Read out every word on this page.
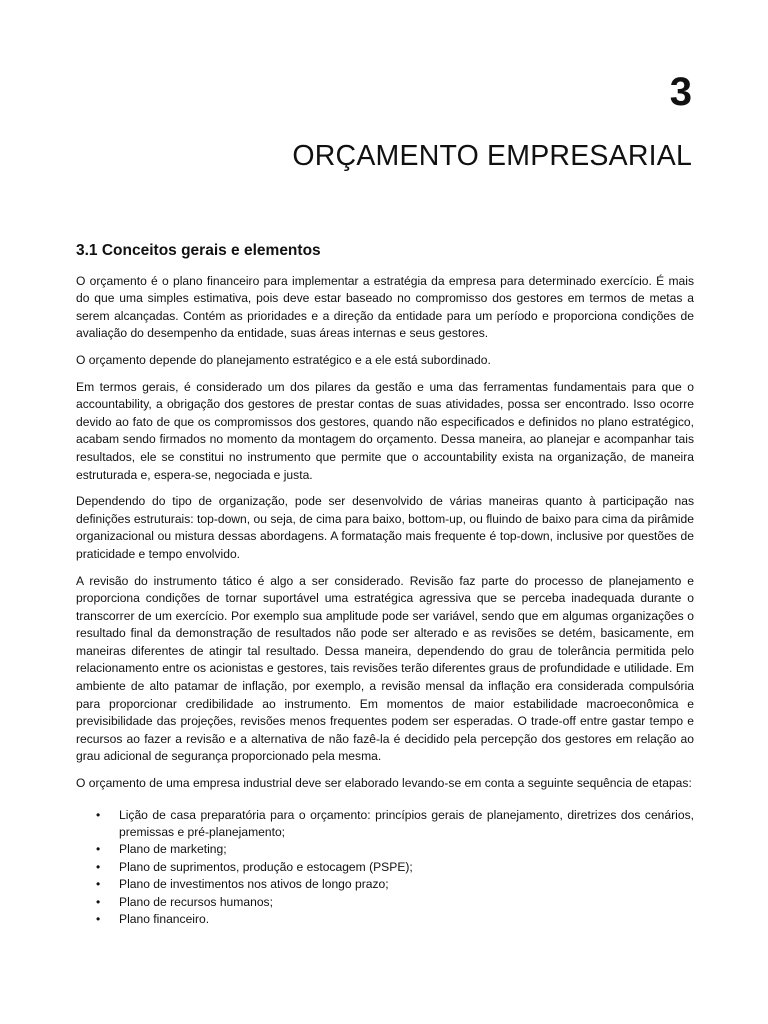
3
ORÇAMENTO EMPRESARIAL
3.1 Conceitos gerais e elementos

O orçamento é o plano financeiro para implementar a estratégia da empresa para determinado exercício. É mais do que uma simples estimativa, pois deve estar baseado no compromisso dos gestores em termos de metas a serem alcançadas. Contém as prioridades e a direção da entidade para um período e proporciona condições de avaliação do desempenho da entidade, suas áreas internas e seus gestores.

O orçamento depende do planejamento estratégico e a ele está subordinado.

Em termos gerais, é considerado um dos pilares da gestão e uma das ferramentas fundamentais para que o accountability, a obrigação dos gestores de prestar contas de suas atividades, possa ser encontrado. Isso ocorre devido ao fato de que os compromissos dos gestores, quando não especificados e definidos no plano estratégico, acabam sendo firmados no momento da montagem do orçamento. Dessa maneira, ao planejar e acompanhar tais resultados, ele se constitui no instrumento que permite que o accountability exista na organização, de maneira estruturada e, espera-se, negociada e justa.

Dependendo do tipo de organização, pode ser desenvolvido de várias maneiras quanto à participação nas definições estruturais: top-down, ou seja, de cima para baixo, bottom-up, ou fluindo de baixo para cima da pirâmide organizacional ou mistura dessas abordagens. A formatação mais frequente é top-down, inclusive por questões de praticidade e tempo envolvido.

A revisão do instrumento tático é algo a ser considerado. Revisão faz parte do processo de planejamento e proporciona condições de tornar suportável uma estratégica agressiva que se perceba inadequada durante o transcorrer de um exercício. Por exemplo sua amplitude pode ser variável, sendo que em algumas organizações o resultado final da demonstração de resultados não pode ser alterado e as revisões se detém, basicamente, em maneiras diferentes de atingir tal resultado. Dessa maneira, dependendo do grau de tolerância permitida pelo relacionamento entre os acionistas e gestores, tais revisões terão diferentes graus de profundidade e utilidade. Em ambiente de alto patamar de inflação, por exemplo, a revisão mensal da inflação era considerada compulsória para proporcionar credibilidade ao instrumento. Em momentos de maior estabilidade macroeconômica e previsibilidade das projeções, revisões menos frequentes podem ser esperadas. O trade-off entre gastar tempo e recursos ao fazer a revisão e a alternativa de não fazê-la é decidido pela percepção dos gestores em relação ao grau adicional de segurança proporcionado pela mesma.

O orçamento de uma empresa industrial deve ser elaborado levando-se em conta a seguinte sequência de etapas:

• Lição de casa preparatória para o orçamento: princípios gerais de planejamento, diretrizes dos cenários, premissas e pré-planejamento;
• Plano de marketing;
• Plano de suprimentos, produção e estocagem (PSPE);
• Plano de investimentos nos ativos de longo prazo;
• Plano de recursos humanos;
• Plano financeiro.
